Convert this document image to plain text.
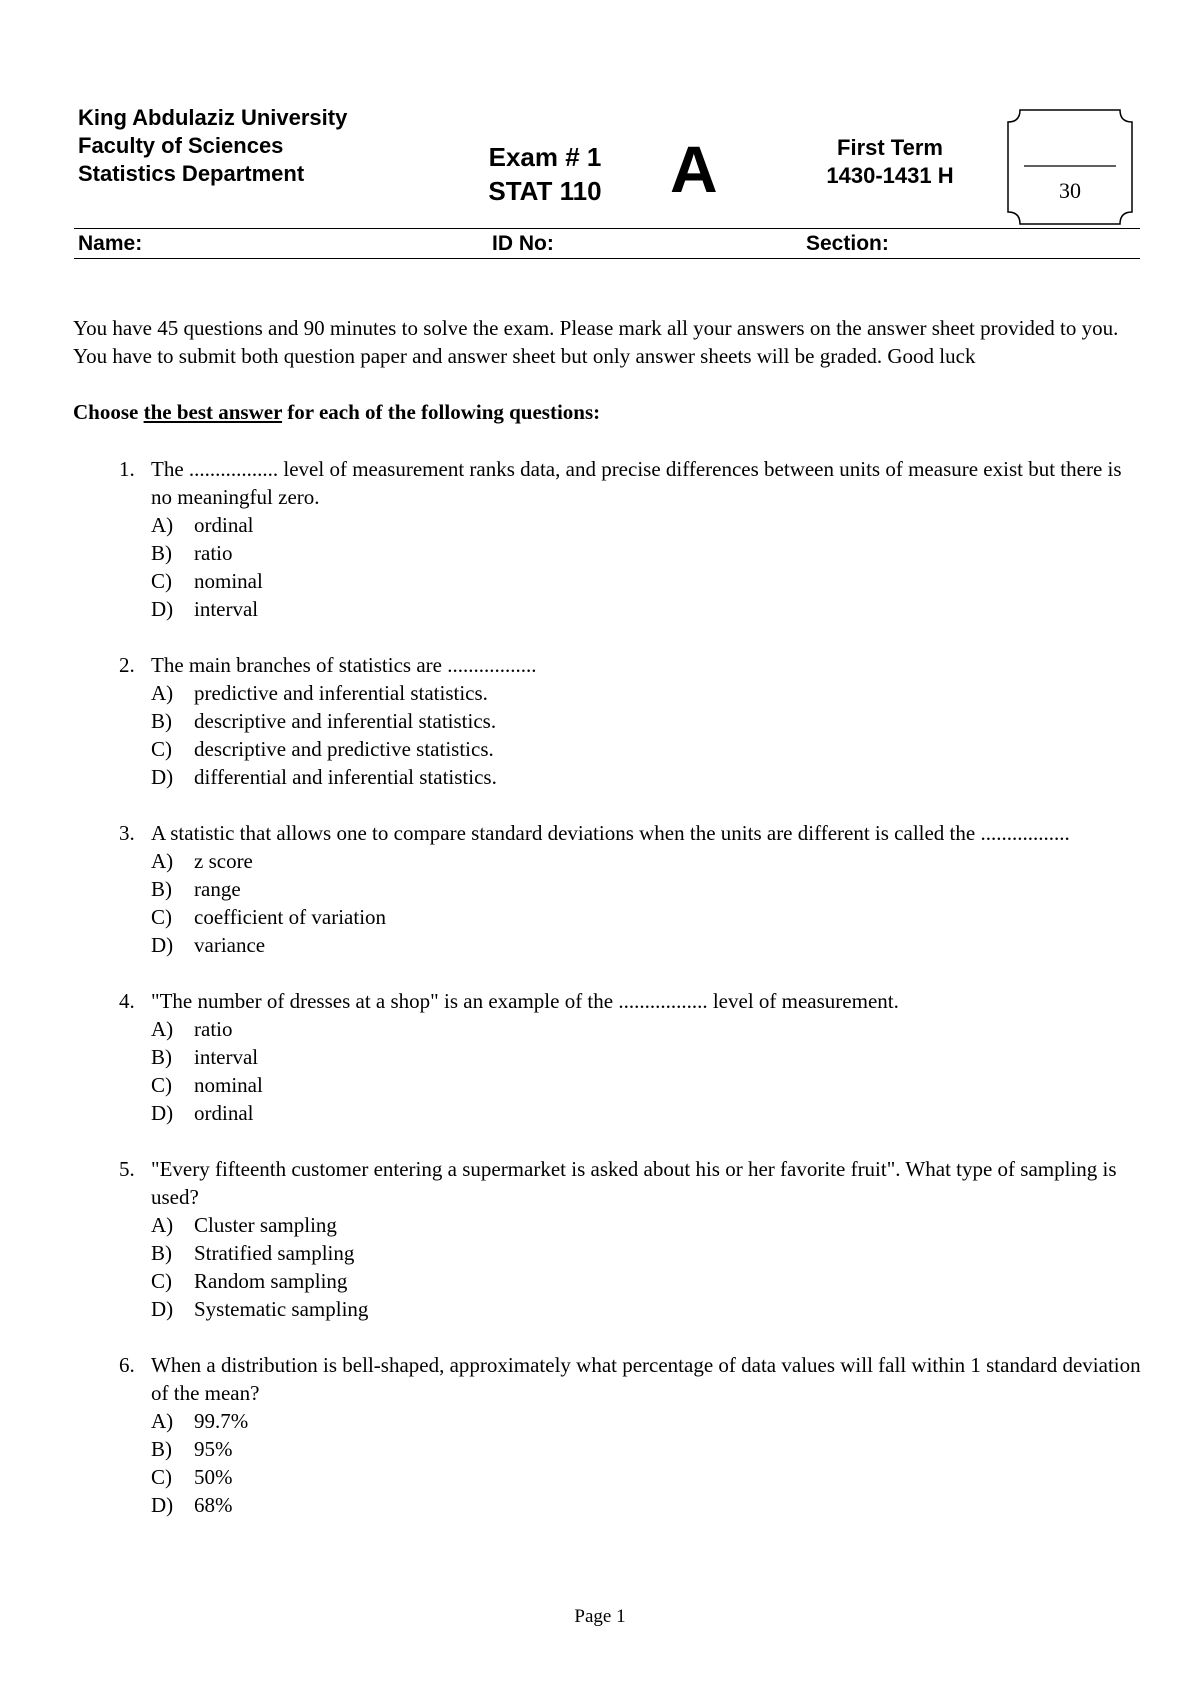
King Abdulaziz University
Faculty of Sciences
Statistics Department
Exam # 1
STAT 110 A	First Term
1430-1431 H
30
Name:	ID No:	Section:

You have 45 questions and 90 minutes to solve the exam. Please mark all your answers on the answer sheet provided to you. You have to submit both question paper and answer sheet but only answer sheets will be graded. Good luck

Choose the best answer for each of the following questions:

1. The ................. level of measurement ranks data, and precise differences between units of measure exist but there is no meaningful zero.
A) ordinal
B) ratio
C) nominal
D) interval
2. The main branches of statistics are .................
A) predictive and inferential statistics.
B) descriptive and inferential statistics.
C) descriptive and predictive statistics.
D) differential and inferential statistics.
3. A statistic that allows one to compare standard deviations when the units are different is called the .................
A) z score
B) range
C) coefficient of variation
D) variance
4. "The number of dresses at a shop" is an example of the ................. level of measurement.
A) ratio
B) interval
C) nominal
D) ordinal
5. "Every fifteenth customer entering a supermarket is asked about his or her favorite fruit". What type of sampling is used?
A) Cluster sampling
B) Stratified sampling
C) Random sampling
D) Systematic sampling
6. When a distribution is bell-shaped, approximately what percentage of data values will fall within 1 standard deviation of the mean?
A) 99.7%
B) 95%
C) 50%
D) 68%
Page 1
